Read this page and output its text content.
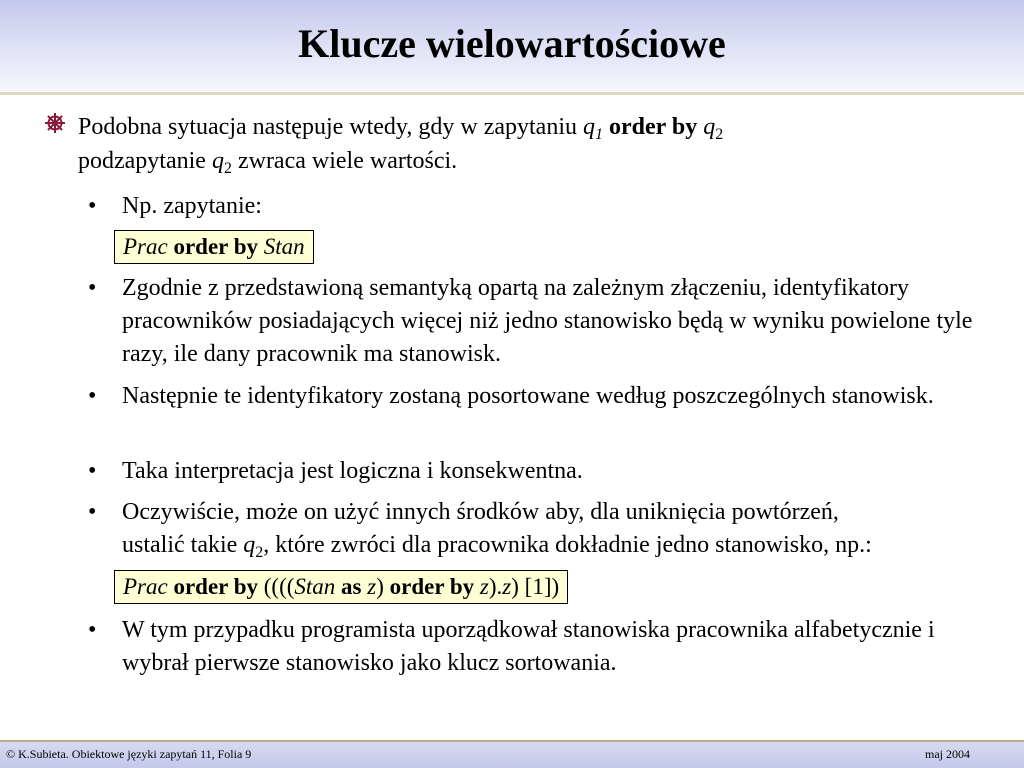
Klucze wielowartościowe
Podobna sytuacja następuje wtedy, gdy w zapytaniu $q_1$ order by $q_2$
podzapytanie $q_2$ zwraca wiele wartości.
• Np. zapytanie:
Prac order by Stan
• Zgodnie z przedstawioną semantyką opartą na zależnym złączeniu, identyfikatory pracowników posiadających więcej niż jedno stanowisko będą w wyniku powielone tyle razy, ile dany pracownik ma stanowisk.
• Następnie te identyfikatory zostaną posortowane według poszczególnych stanowisk.
• Taka interpretacja jest logiczna i konsekwentna.
• Oczywiście, może on użyć innych środków aby, dla uniknięcia powtórzeń,
ustalić takie $q_2$, które zwróci dla pracownika dokładnie jedno stanowisko, np.:
Prac order by ((((Stan as z) order by z).z) [1])
• W tym przypadku programista uporządkował stanowiska pracownika alfabetycznie i wybrał pierwsze stanowisko jako klucz sortowania.
© K.Subieta. Obiektowe języki zapytań 11, Folia 9	maj 2004
